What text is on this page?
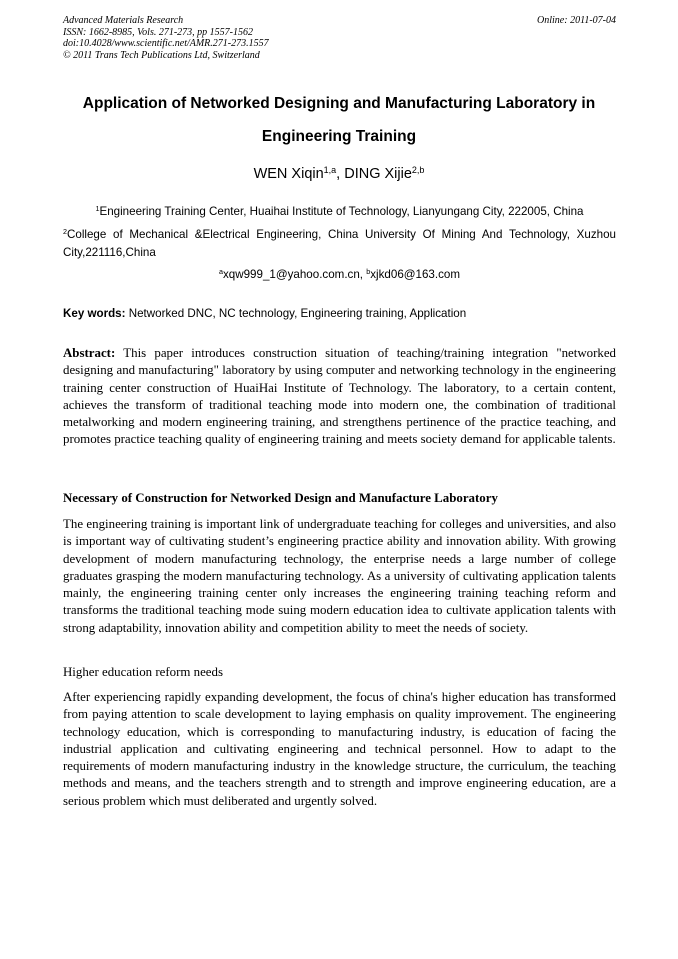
Advanced Materials Research
ISSN: 1662-8985, Vols. 271-273, pp 1557-1562
doi:10.4028/www.scientific.net/AMR.271-273.1557
© 2011 Trans Tech Publications Ltd, Switzerland
Online: 2011-07-04
Application of Networked Designing and Manufacturing Laboratory in
Engineering Training
WEN Xiqin$^{1,a}$, DING Xijie$^{2,b}$
$^1$Engineering Training Center, Huaihai Institute of Technology, Lianyungang City, 222005, China
$^2$College of Mechanical &Electrical Engineering, China University Of Mining And Technology, Xuzhou City,221116,China
$^a$xqw999_1@yahoo.com.cn, $^b$xjkd06@163.com
Key words: Networked DNC, NC technology, Engineering training, Application
Abstract: This paper introduces construction situation of teaching/training integration "networked designing and manufacturing" laboratory by using computer and networking technology in the engineering training center construction of HuaiHai Institute of Technology. The laboratory, to a certain content, achieves the transform of traditional teaching mode into modern one, the combination of traditional metalworking and modern engineering training, and strengthens pertinence of the practice teaching, and promotes practice teaching quality of engineering training and meets society demand for applicable talents.
Necessary of Construction for Networked Design and Manufacture Laboratory
The engineering training is important link of undergraduate teaching for colleges and universities, and also is important way of cultivating student’s engineering practice ability and innovation ability. With growing development of modern manufacturing technology, the enterprise needs a large number of college graduates grasping the modern manufacturing technology. As a university of cultivating application talents mainly, the engineering training center only increases the engineering training teaching reform and transforms the traditional teaching mode suing modern education idea to cultivate application talents with strong adaptability, innovation ability and competition ability to meet the needs of society.
Higher education reform needs
After experiencing rapidly expanding development, the focus of china's higher education has transformed from paying attention to scale development to laying emphasis on quality improvement. The engineering technology education, which is corresponding to manufacturing industry, is education of facing the industrial application and cultivating engineering and technical personnel. How to adapt to the requirements of modern manufacturing industry in the knowledge structure, the curriculum, the teaching methods and means, and the teachers strength and to strength and improve engineering education, are a serious problem which must deliberated and urgently solved.
